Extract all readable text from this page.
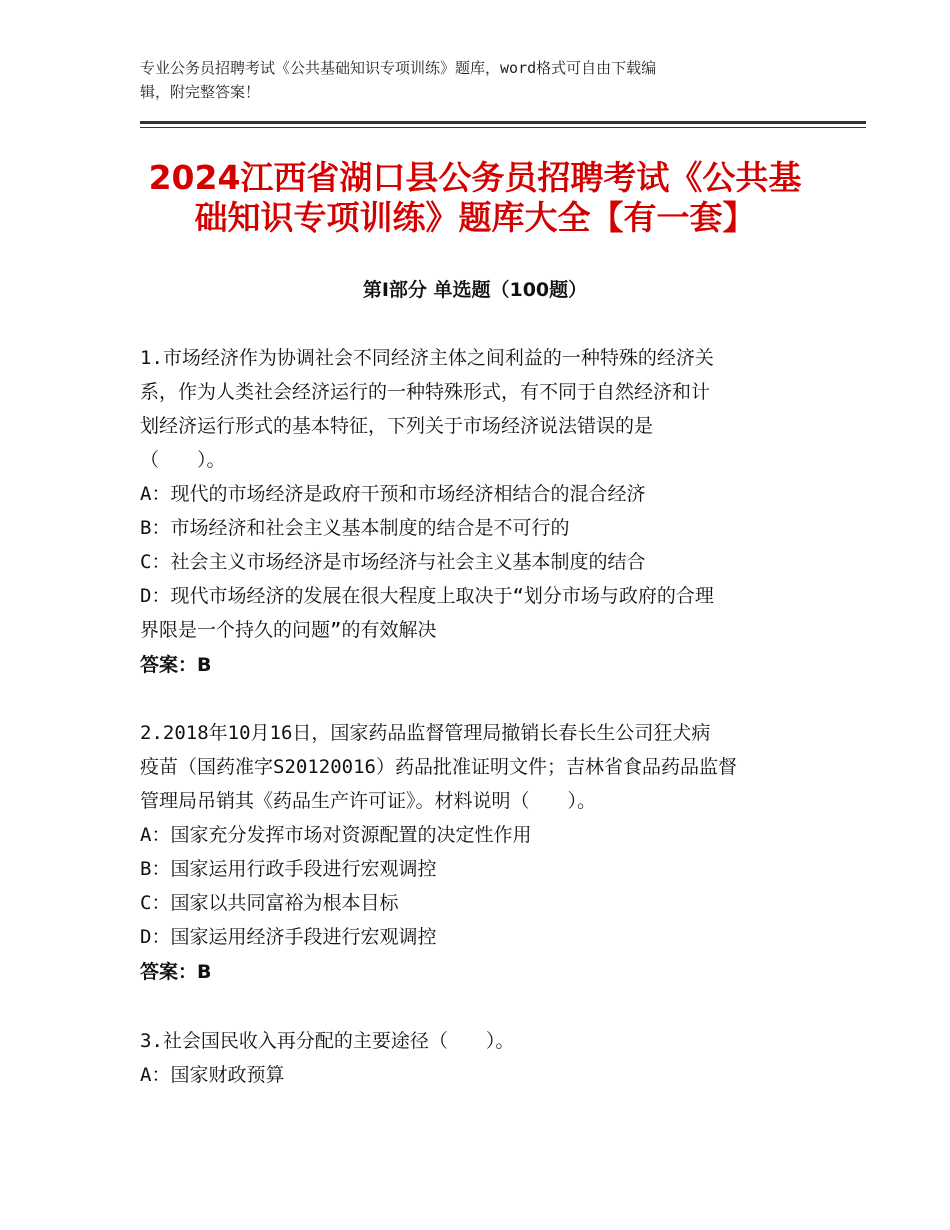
专业公务员招聘考试《公共基础知识专项训练》题库，word格式可自由下载编
辑，附完整答案！
2024江西省湖口县公务员招聘考试《公共基
础知识专项训练》题库大全【有一套】
第Ⅰ部分 单选题（100题）
1.市场经济作为协调社会不同经济主体之间利益的一种特殊的经济关
系，作为人类社会经济运行的一种特殊形式，有不同于自然经济和计
划经济运行形式的基本特征，下列关于市场经济说法错误的是
（　　）。
A：现代的市场经济是政府干预和市场经济相结合的混合经济
B：市场经济和社会主义基本制度的结合是不可行的
C：社会主义市场经济是市场经济与社会主义基本制度的结合
D：现代市场经济的发展在很大程度上取决于“划分市场与政府的合理
界限是一个持久的问题”的有效解决
答案：B
2.2018年10月16日，国家药品监督管理局撤销长春长生公司狂犬病
疫苗（国药准字S20120016）药品批准证明文件；吉林省食品药品监督
管理局吊销其《药品生产许可证》。材料说明（　　）。
A：国家充分发挥市场对资源配置的决定性作用
B：国家运用行政手段进行宏观调控
C：国家以共同富裕为根本目标
D：国家运用经济手段进行宏观调控
答案：B
3.社会国民收入再分配的主要途径（　　）。
A：国家财政预算
